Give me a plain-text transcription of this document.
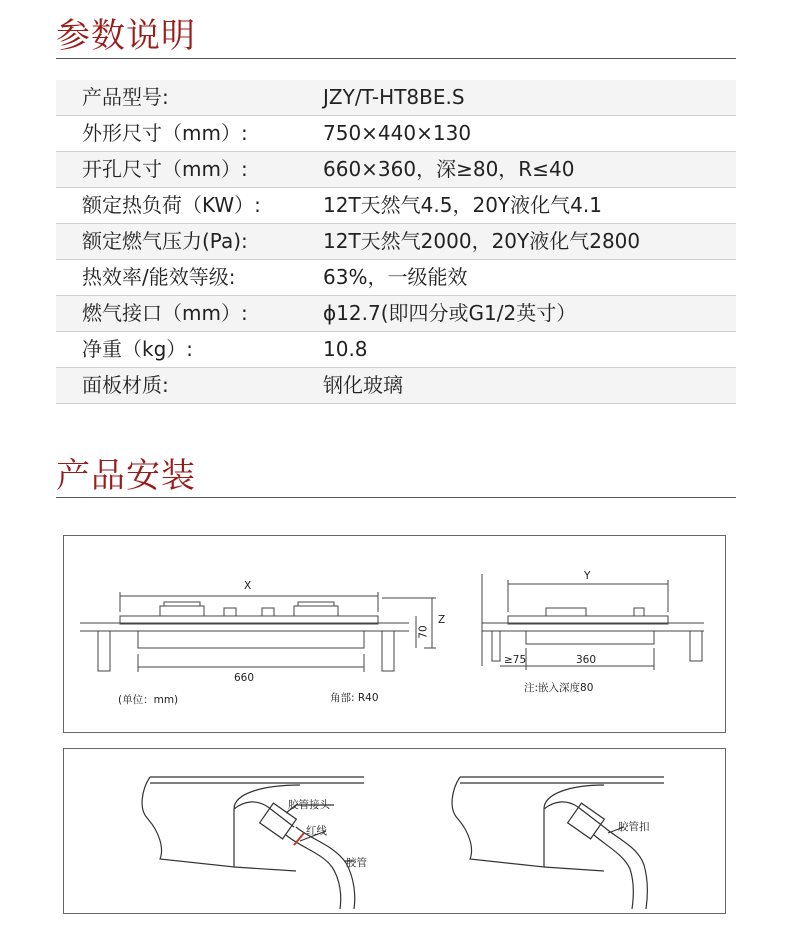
参数说明
产品型号:	JZY/T-HT8BE.S
外形尺寸（mm）:	750×440×130
开孔尺寸（mm）:	660×360，深≥80，R≤40
额定热负荷（KW）:	12T天然气4.5，20Y液化气4.1
额定燃气压力(Pa):	12T天然气2000，20Y液化气2800
热效率/能效等级:	63%，一级能效
燃气接口（mm）:	ϕ12.7(即四分或G1/2英寸）
净重（kg）:	10.8
面板材质:	钢化玻璃
产品安装
X
Z
70
660
(单位：mm)	角部: R40
Y
≥75	360
注:嵌入深度80
胶管接头
红线
胶管
胶管扣
